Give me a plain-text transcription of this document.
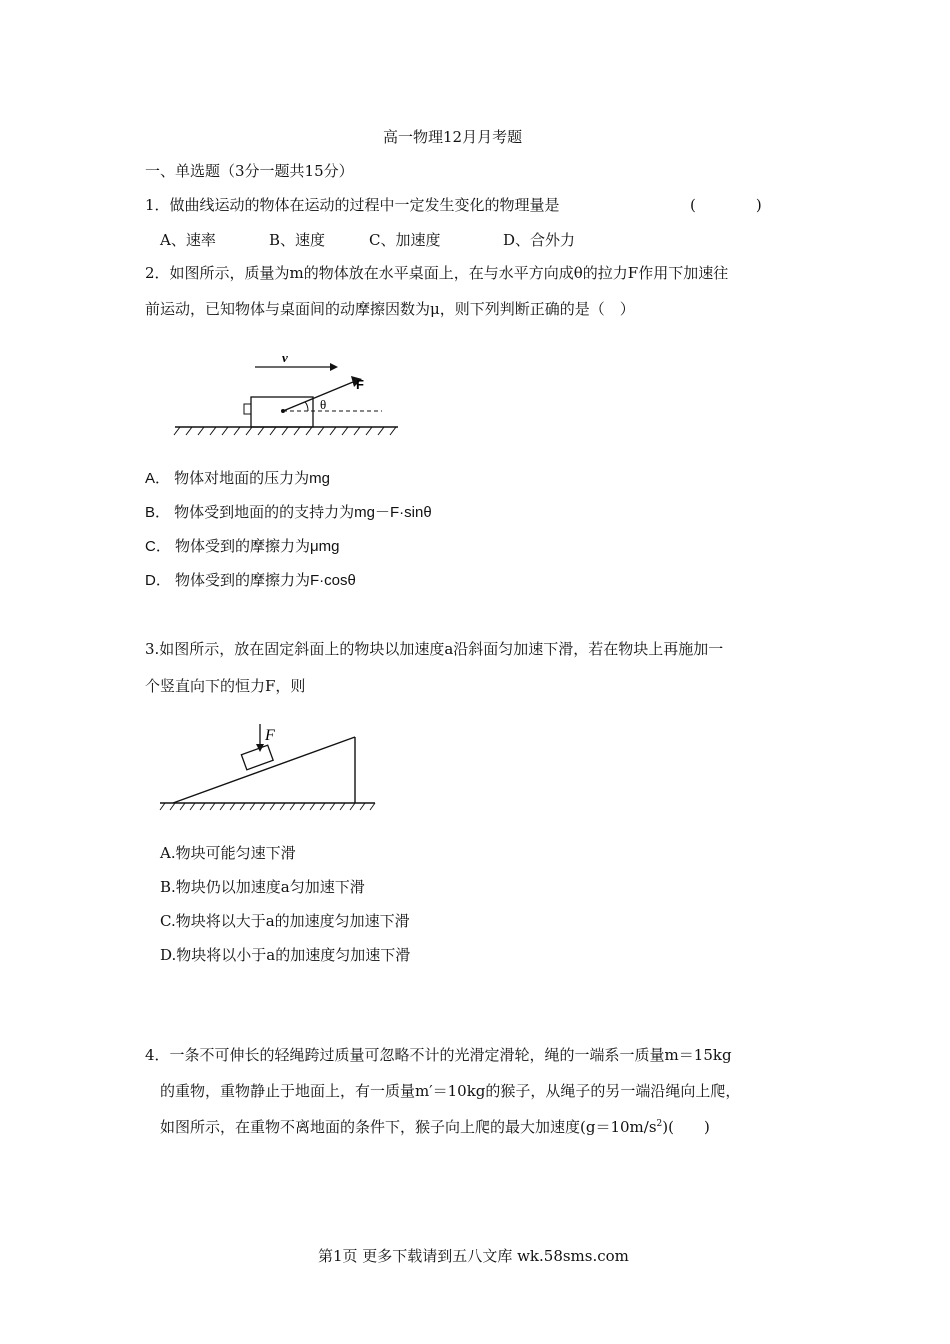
高一物理12月月考题
一、单选题（3分一题共15分）
1．做曲线运动的物体在运动的过程中一定发生变化的物理量是	(　　　　)
A、速率	B、速度	C、加速度	D、合外力
2．如图所示，质量为m的物体放在水平桌面上，在与水平方向成θ的拉力F作用下加速往
前运动，已知物体与桌面间的动摩擦因数为μ，则下列判断正确的是（　）
v
F
θ
A． 物体对地面的压力为mg
B． 物体受到地面的的支持力为mg－F·sinθ
C． 物体受到的摩擦力为μmg
D． 物体受到的摩擦力为F·cosθ
3.如图所示，放在固定斜面上的物块以加速度a沿斜面匀加速下滑，若在物块上再施加一
个竖直向下的恒力F，则
F
A.物块可能匀速下滑
B.物块仍以加速度a匀加速下滑
C.物块将以大于a的加速度匀加速下滑
D.物块将以小于a的加速度匀加速下滑
4．一条不可伸长的轻绳跨过质量可忽略不计的光滑定滑轮，绳的一端系一质量m＝15kg
的重物，重物静止于地面上，有一质量m′＝10kg的猴子，从绳子的另一端沿绳向上爬，
如图所示，在重物不离地面的条件下，猴子向上爬的最大加速度$(g=10m/s^2)$(　　)
第1页 更多下载请到五八文库 wk.58sms.com
